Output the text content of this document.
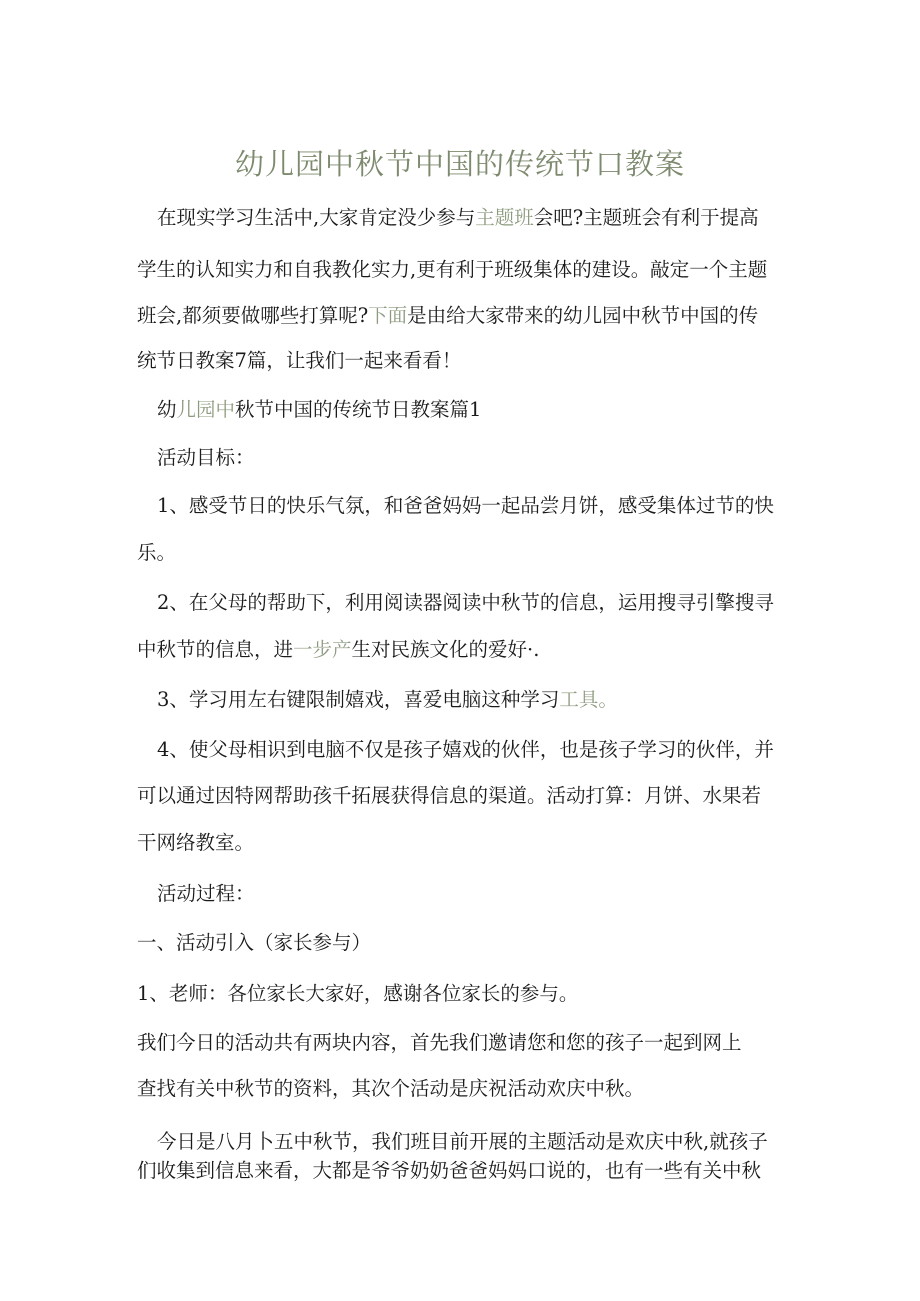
幼儿园中秋节中国的传统节口教案
在现实学习生活中,大家肯定没少参与主题班会吧?主题班会有利于提高
学生的认知实力和自我教化实力,更有利于班级集体的建设。敲定一个主题
班会,都须要做哪些打算呢?下面是由给大家带来的幼儿园中秋节中国的传
统节日教案7篇，让我们一起来看看！
幼儿园中秋节中国的传统节日教案篇1
活动目标：
1、感受节日的快乐气氛，和爸爸妈妈一起品尝月饼，感受集体过节的快
乐。
2、在父母的帮助下，利用阅读器阅读中秋节的信息，运用搜寻引擎搜寻
中秋节的信息，进一步产生对民族文化的爱好·.
3、学习用左右键限制嬉戏，喜爱电脑这种学习工具。
4、使父母相识到电脑不仅是孩子嬉戏的伙伴，也是孩子学习的伙伴，并
可以通过因特网帮助孩千拓展获得信息的渠道。活动打算：月饼、水果若
干网络教室。
活动过程：
一、活动引入（家长参与）
1、老师：各位家长大家好，感谢各位家长的参与。
我们今日的活动共有两块内容，首先我们邀请您和您的孩子一起到网上
查找有关中秋节的资料，其次个活动是庆祝活动欢庆中秋。
今日是八月卜五中秋节，我们班目前开展的主题活动是欢庆中秋,就孩子
们收集到信息来看，大都是爷爷奶奶爸爸妈妈口说的，也有一些有关中秋
